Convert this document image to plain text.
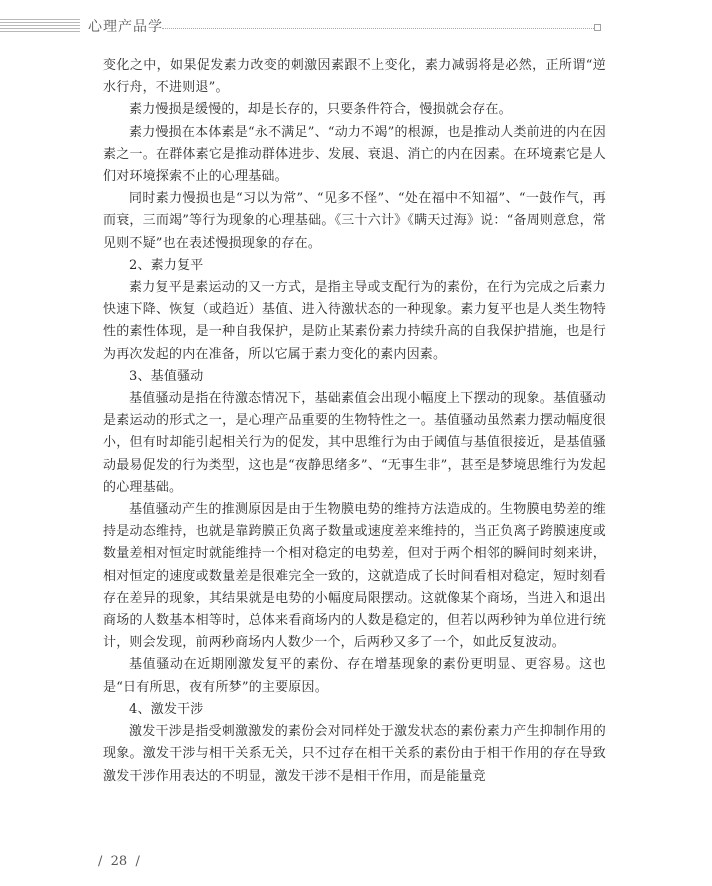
心理产品学

变化之中，如果促发素力改变的刺激因素跟不上变化，素力减弱将是必然，正所谓“逆水行舟，不进则退”。

素力慢损是缓慢的，却是长存的，只要条件符合，慢损就会存在。

素力慢损在本体素是“永不满足”、“动力不竭”的根源，也是推动人类前进的内在因素之一。在群体素它是推动群体进步、发展、衰退、消亡的内在因素。在环境素它是人们对环境探索不止的心理基础。

同时素力慢损也是“习以为常”、“见多不怪”、“处在福中不知福”、“一鼓作气，再而衰，三而竭”等行为现象的心理基础。《三十六计》《瞒天过海》说：“备周则意怠，常见则不疑”也在表述慢损现象的存在。

2、素力复平

素力复平是素运动的又一方式，是指主导或支配行为的素份，在行为完成之后素力快速下降、恢复（或趋近）基值、进入待激状态的一种现象。素力复平也是人类生物特性的素性体现，是一种自我保护，是防止某素份素力持续升高的自我保护措施，也是行为再次发起的内在准备，所以它属于素力变化的素内因素。

3、基值骚动

基值骚动是指在待激态情况下，基础素值会出现小幅度上下摆动的现象。基值骚动是素运动的形式之一，是心理产品重要的生物特性之一。基值骚动虽然素力摆动幅度很小，但有时却能引起相关行为的促发，其中思维行为由于阈值与基值很接近，是基值骚动最易促发的行为类型，这也是“夜静思绪多”、“无事生非”，甚至是梦境思维行为发起的心理基础。

基值骚动产生的推测原因是由于生物膜电势的维持方法造成的。生物膜电势差的维持是动态维持，也就是靠跨膜正负离子数量或速度差来维持的，当正负离子跨膜速度或数量差相对恒定时就能维持一个相对稳定的电势差，但对于两个相邻的瞬间时刻来讲，相对恒定的速度或数量差是很难完全一致的，这就造成了长时间看相对稳定，短时刻看存在差异的现象，其结果就是电势的小幅度局限摆动。这就像某个商场，当进入和退出商场的人数基本相等时，总体来看商场内的人数是稳定的，但若以两秒钟为单位进行统计，则会发现，前两秒商场内人数少一个，后两秒又多了一个，如此反复波动。

基值骚动在近期刚激发复平的素份、存在增基现象的素份更明显、更容易。这也是“日有所思，夜有所梦”的主要原因。

4、激发干涉

激发干涉是指受刺激激发的素份会对同样处于激发状态的素份素力产生抑制作用的现象。激发干涉与相干关系无关，只不过存在相干关系的素份由于相干作用的存在导致激发干涉作用表达的不明显，激发干涉不是相干作用，而是能量竞

/  28  /
